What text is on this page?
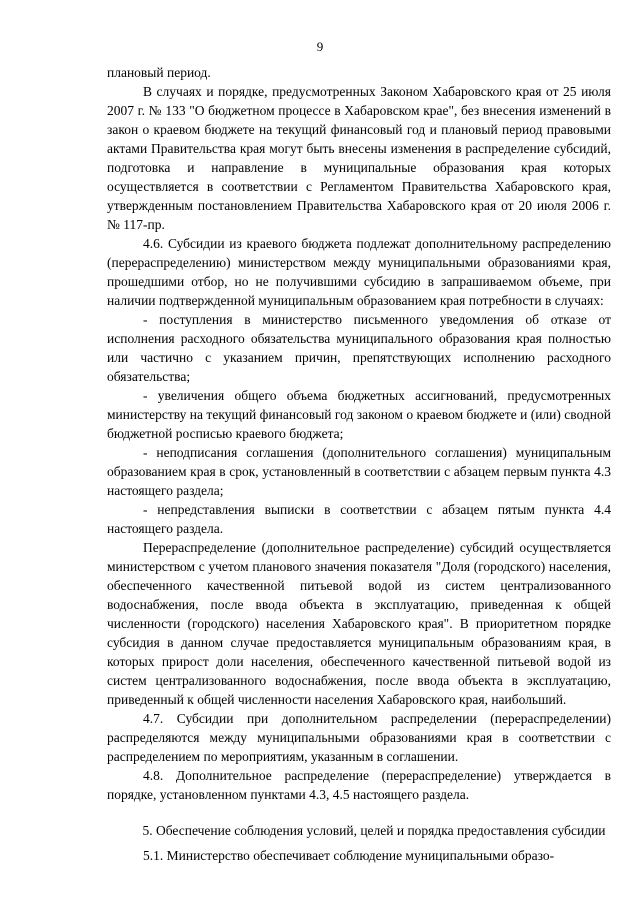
9

плановый период.

В случаях и порядке, предусмотренных Законом Хабаровского края от 25 июля 2007 г. № 133 "О бюджетном процессе в Хабаровском крае", без внесения изменений в закон о краевом бюджете на текущий финансовый год и плановый период правовыми актами Правительства края могут быть внесены изменения в распределение субсидий, подготовка и направление в муниципальные образования края которых осуществляется в соответствии с Регламентом Правительства Хабаровского края, утвержденным постановлением Правительства Хабаровского края от 20 июля 2006 г. № 117-пр.

4.6. Субсидии из краевого бюджета подлежат дополнительному распределению (перераспределению) министерством между муниципальными образованиями края, прошедшими отбор, но не получившими субсидию в запрашиваемом объеме, при наличии подтвержденной муниципальным образованием края потребности в случаях:

- поступления в министерство письменного уведомления об отказе от исполнения расходного обязательства муниципального образования края полностью или частично с указанием причин, препятствующих исполнению расходного обязательства;

- увеличения общего объема бюджетных ассигнований, предусмотренных министерству на текущий финансовый год законом о краевом бюджете и (или) сводной бюджетной росписью краевого бюджета;

- неподписания соглашения (дополнительного соглашения) муниципальным образованием края в срок, установленный в соответствии с абзацем первым пункта 4.3 настоящего раздела;

- непредставления выписки в соответствии с абзацем пятым пункта 4.4 настоящего раздела.

Перераспределение (дополнительное распределение) субсидий осуществляется министерством с учетом планового значения показателя "Доля (городского) населения, обеспеченного качественной питьевой водой из систем централизованного водоснабжения, после ввода объекта в эксплуатацию, приведенная к общей численности (городского) населения Хабаровского края". В приоритетном порядке субсидия в данном случае предоставляется муниципальным образованиям края, в которых прирост доли населения, обеспеченного качественной питьевой водой из систем централизованного водоснабжения, после ввода объекта в эксплуатацию, приведенный к общей численности населения Хабаровского края, наибольший.

4.7. Субсидии при дополнительном распределении (перераспределении) распределяются между муниципальными образованиями края в соответствии с распределением по мероприятиям, указанным в соглашении.

4.8. Дополнительное распределение (перераспределение) утверждается в порядке, установленном пунктами 4.3, 4.5 настоящего раздела.

5. Обеспечение соблюдения условий, целей и порядка предоставления субсидии

5.1. Министерство обеспечивает соблюдение муниципальными образо-
